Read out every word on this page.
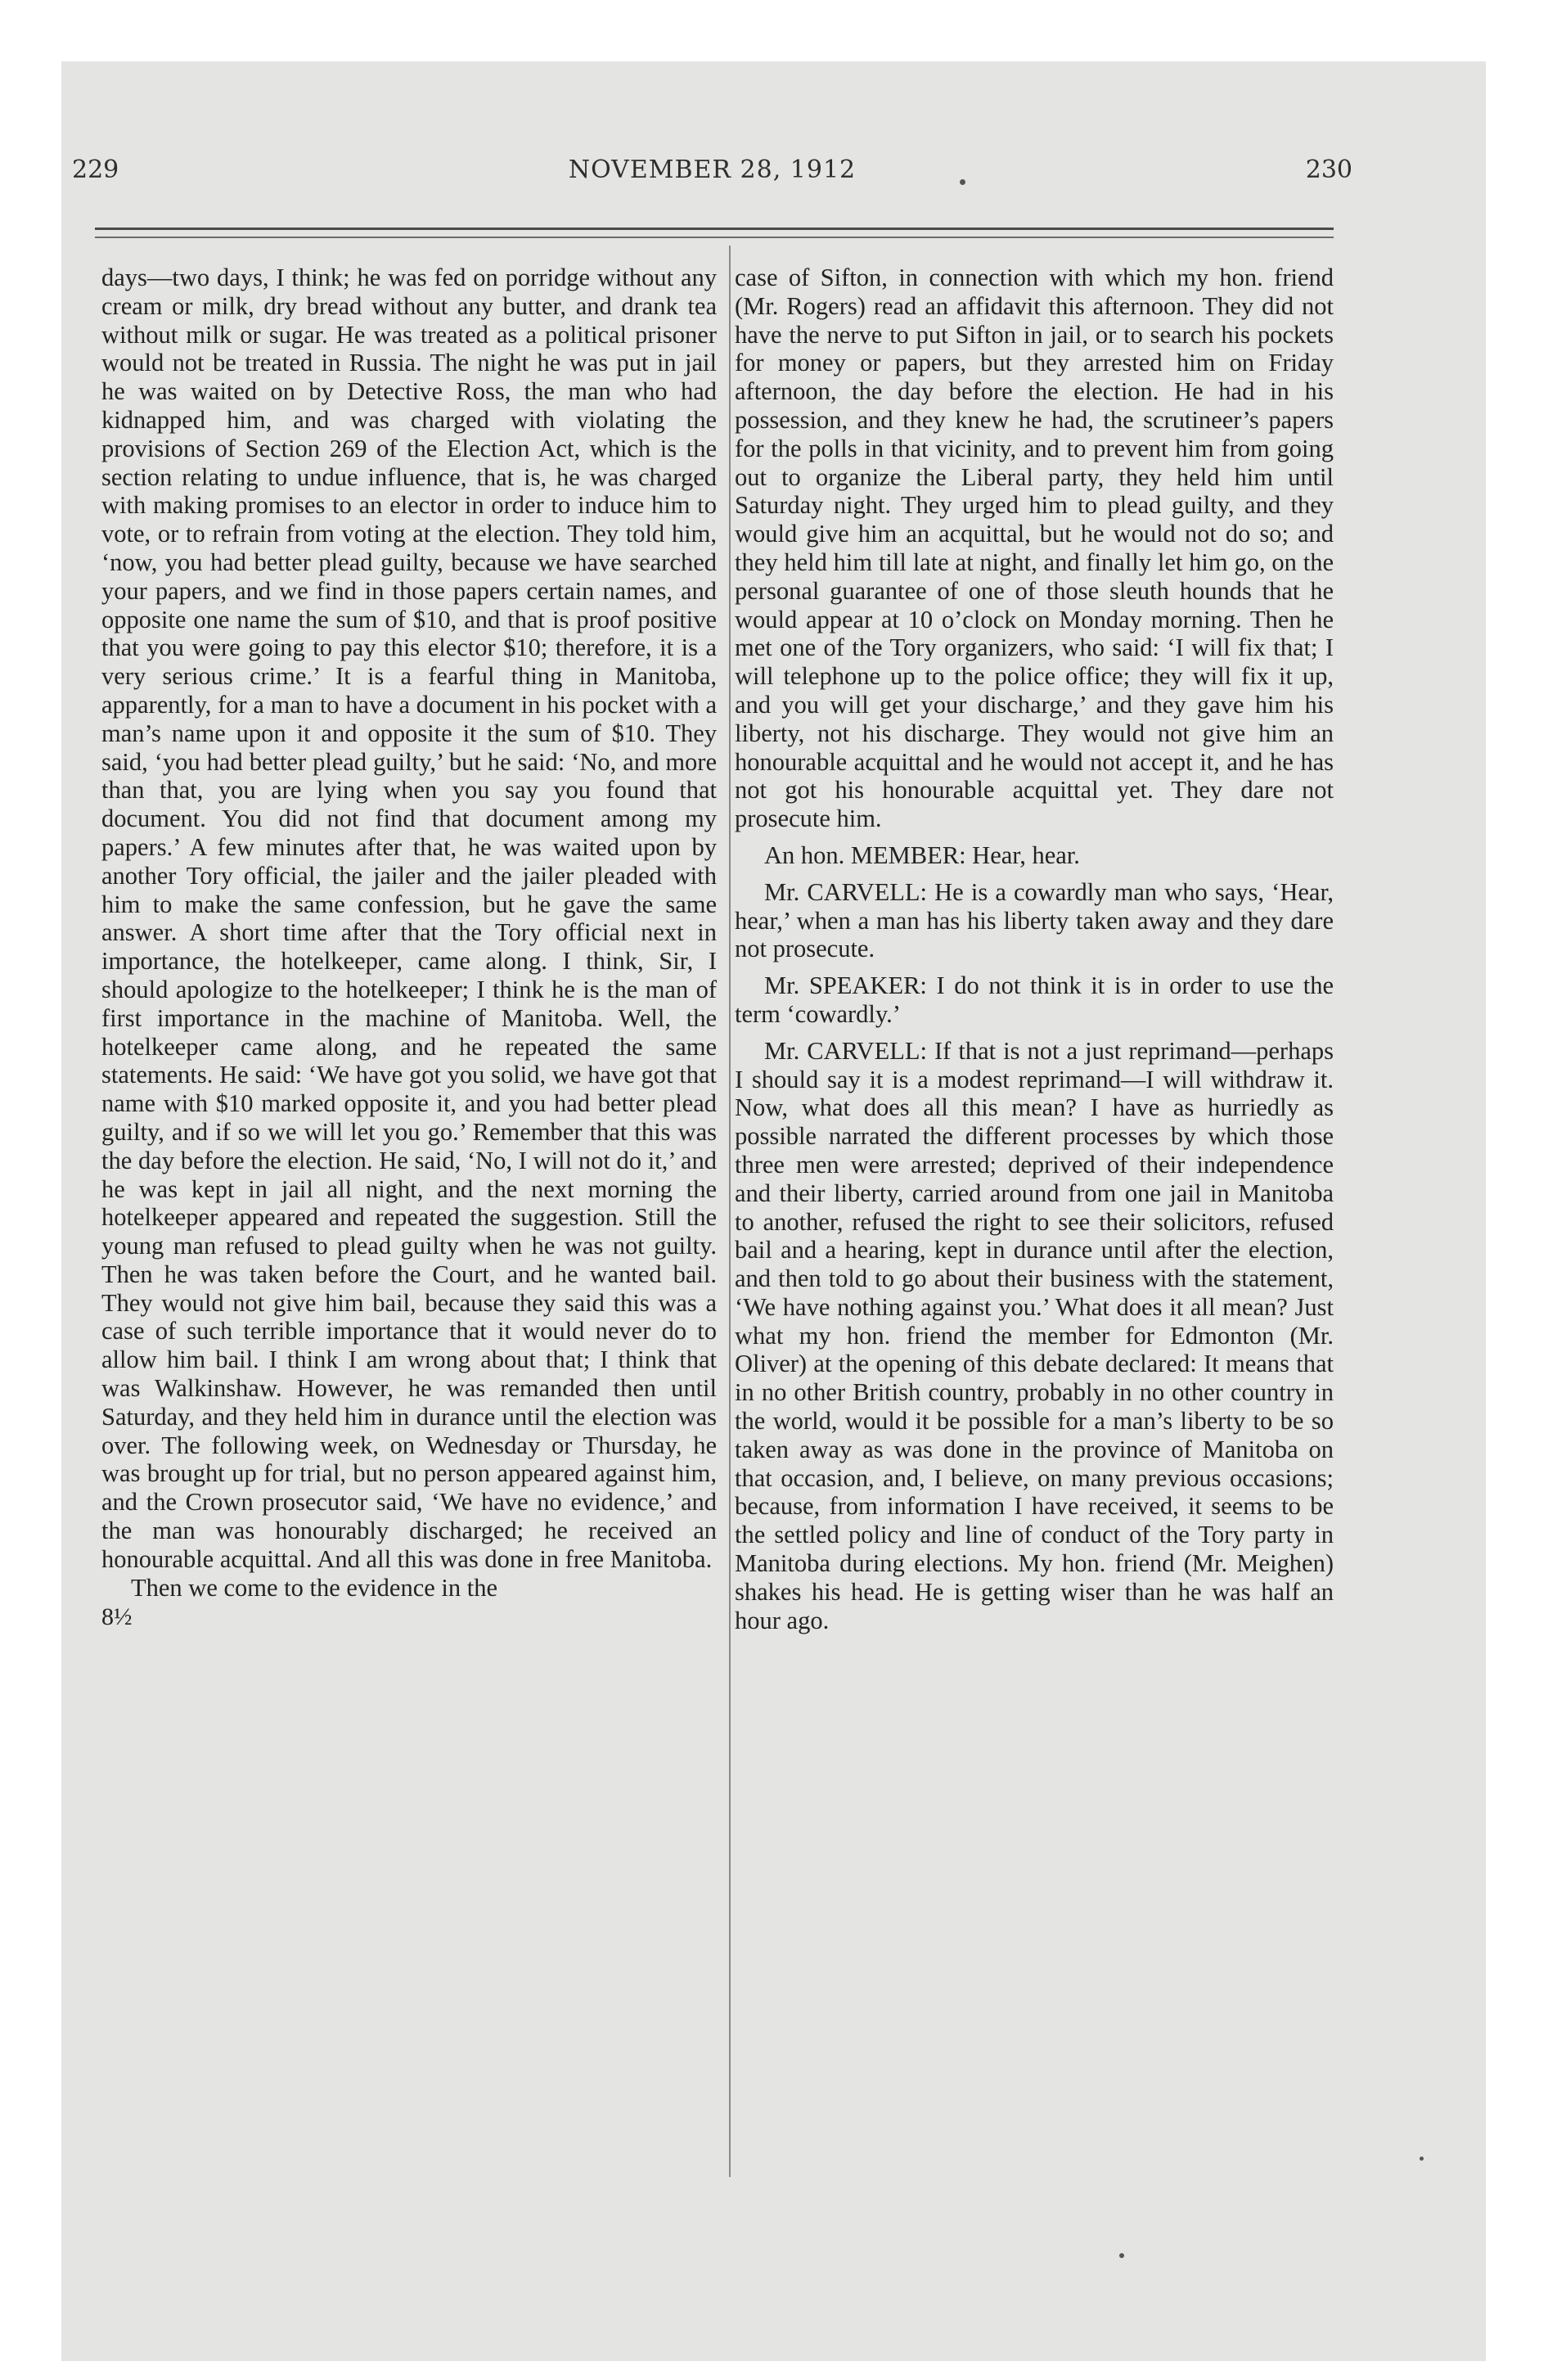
229	NOVEMBER 28, 1912	230

days—two days, I think; he was fed on porridge without any cream or milk, dry bread without any butter, and drank tea without milk or sugar. He was treated as a political prisoner would not be treated in Russia. The night he was put in jail he was waited on by Detective Ross, the man who had kidnapped him, and was charged with violating the provisions of Section 269 of the Election Act, which is the section relating to undue influence, that is, he was charged with making promises to an elector in order to induce him to vote, or to refrain from voting at the election. They told him, ‘now, you had better plead guilty, because we have searched your papers, and we find in those papers certain names, and opposite one name the sum of $10, and that is proof positive that you were going to pay this elector $10; therefore, it is a very serious crime.’ It is a fearful thing in Manitoba, apparently, for a man to have a document in his pocket with a man’s name upon it and opposite it the sum of $10. They said, ‘you had better plead guilty,’ but he said: ‘No, and more than that, you are lying when you say you found that document. You did not find that document among my papers.’ A few minutes after that, he was waited upon by another Tory official, the jailer and the jailer pleaded with him to make the same confession, but he gave the same answer. A short time after that the Tory official next in importance, the hotelkeeper, came along. I think, Sir, I should apologize to the hotelkeeper; I think he is the man of first importance in the machine of Manitoba. Well, the hotelkeeper came along, and he repeated the same statements. He said: ‘We have got you solid, we have got that name with $10 marked opposite it, and you had better plead guilty, and if so we will let you go.’ Remember that this was the day before the election. He said, ‘No, I will not do it,’ and he was kept in jail all night, and the next morning the hotelkeeper appeared and repeated the suggestion. Still the young man refused to plead guilty when he was not guilty. Then he was taken before the Court, and he wanted bail. They would not give him bail, because they said this was a case of such terrible importance that it would never do to allow him bail. I think I am wrong about that; I think that was Walkinshaw. However, he was remanded then until Saturday, and they held him in durance until the election was over. The following week, on Wednesday or Thursday, he was brought up for trial, but no person appeared against him, and the Crown prosecutor said, ‘We have no evidence,’ and the man was honourably discharged; he received an honourable acquittal. And all this was done in free Manitoba.

Then we come to the evidence in the

8½

case of Sifton, in connection with which my hon. friend (Mr. Rogers) read an affidavit this afternoon. They did not have the nerve to put Sifton in jail, or to search his pockets for money or papers, but they arrested him on Friday afternoon, the day before the election. He had in his possession, and they knew he had, the scrutineer’s papers for the polls in that vicinity, and to prevent him from going out to organize the Liberal party, they held him until Saturday night. They urged him to plead guilty, and they would give him an acquittal, but he would not do so; and they held him till late at night, and finally let him go, on the personal guarantee of one of those sleuth hounds that he would appear at 10 o’clock on Monday morning. Then he met one of the Tory organizers, who said: ‘I will fix that; I will telephone up to the police office; they will fix it up, and you will get your discharge,’ and they gave him his liberty, not his discharge. They would not give him an honourable acquittal and he would not accept it, and he has not got his honourable acquittal yet. They dare not prosecute him.

An hon. MEMBER: Hear, hear.

Mr. CARVELL: He is a cowardly man who says, ‘Hear, hear,’ when a man has his liberty taken away and they dare not prosecute.

Mr. SPEAKER: I do not think it is in order to use the term ‘cowardly.’

Mr. CARVELL: If that is not a just reprimand—perhaps I should say it is a modest reprimand—I will withdraw it. Now, what does all this mean? I have as hurriedly as possible narrated the different processes by which those three men were arrested; deprived of their independence and their liberty, carried around from one jail in Manitoba to another, refused the right to see their solicitors, refused bail and a hearing, kept in durance until after the election, and then told to go about their business with the statement, ‘We have nothing against you.’ What does it all mean? Just what my hon. friend the member for Edmonton (Mr. Oliver) at the opening of this debate declared: It means that in no other British country, probably in no other country in the world, would it be possible for a man’s liberty to be so taken away as was done in the province of Manitoba on that occasion, and, I believe, on many previous occasions; because, from information I have received, it seems to be the settled policy and line of conduct of the Tory party in Manitoba during elections. My hon. friend (Mr. Meighen) shakes his head. He is getting wiser than he was half an hour ago.
